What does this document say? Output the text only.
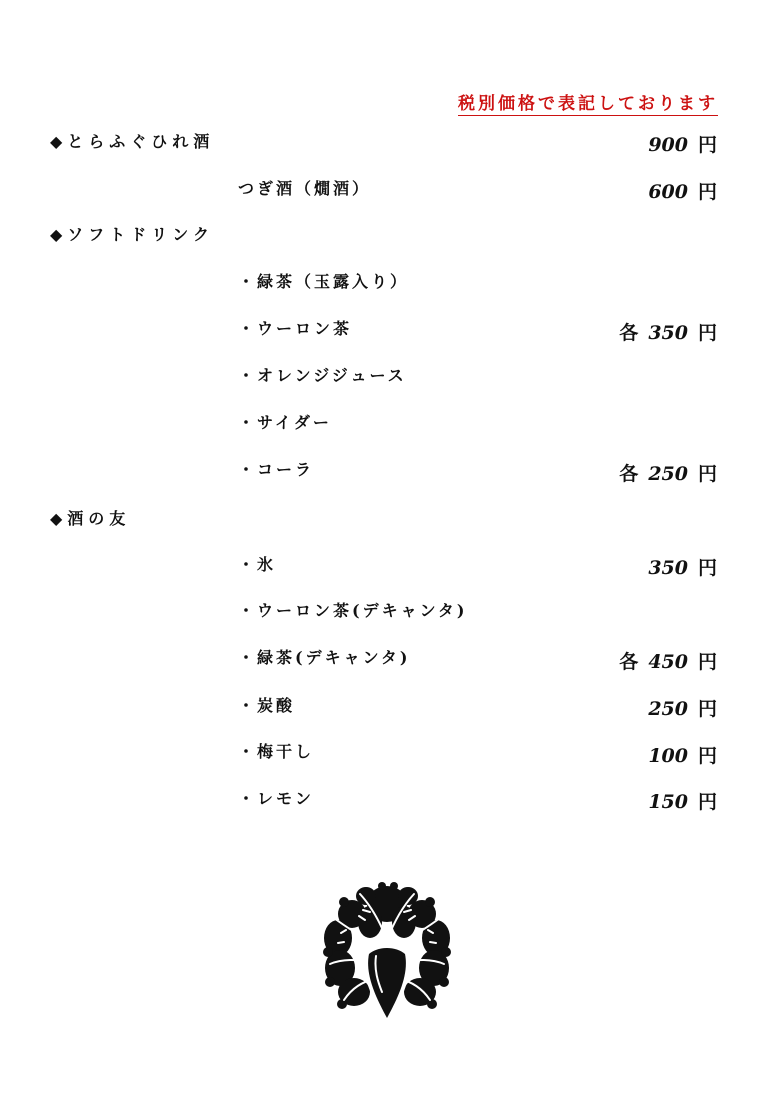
税別価格で表記しております
◆とらふぐひれ酒	900 円
つぎ酒（燗酒）	600 円
◆ソフトドリンク
・緑茶（玉露入り）
・ウーロン茶	各 350 円
・オレンジジュース
・サイダー
・コーラ	各 250 円
◆酒の友
・氷	350 円
・ウーロン茶(デキャンタ)
・緑茶(デキャンタ)	各 450 円
・炭酸	250 円
・梅干し	100 円
・レモン	150 円
